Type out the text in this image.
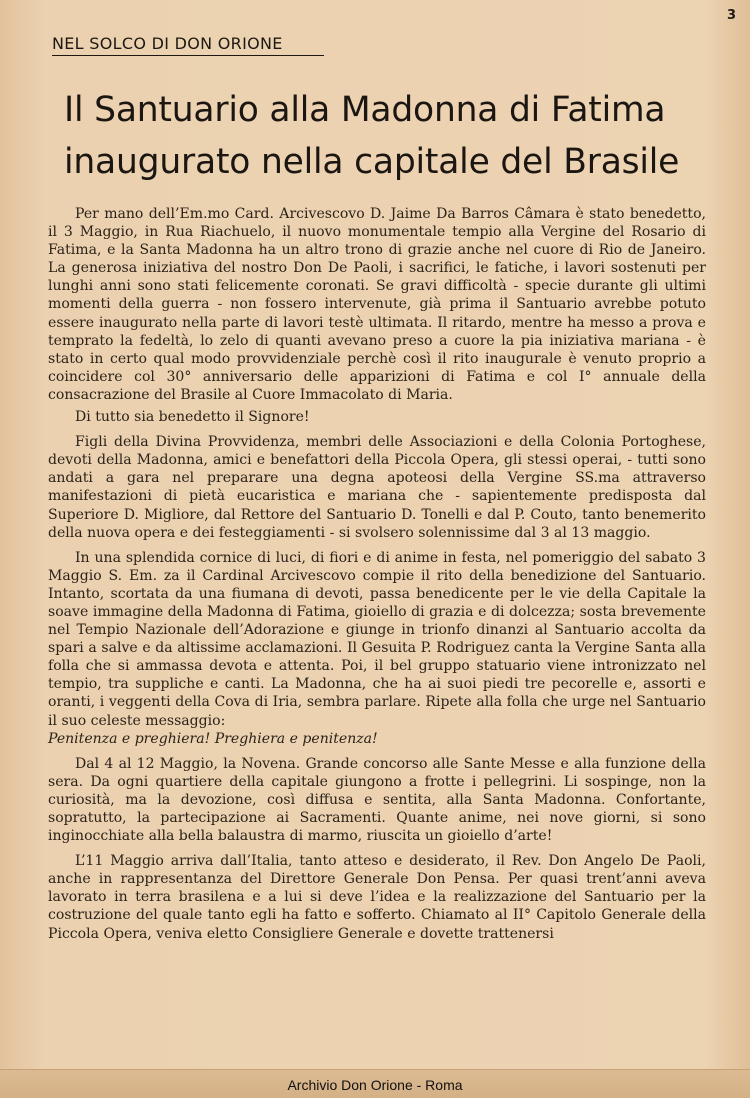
3
NEL SOLCO DI DON ORIONE
Il Santuario alla Madonna di Fatima
inaugurato nella capitale del Brasile

Per mano dell’Em.mo Card. Arcivescovo D. Jaime Da Barros Câmara è stato benedetto, il 3 Maggio, in Rua Riachuelo, il nuovo monumentale tempio alla Vergine del Rosario di Fatima, e la Santa Madonna ha un altro trono di grazie anche nel cuore di Rio de Janeiro. La generosa iniziativa del nostro Don De Paoli, i sacrifici, le fatiche, i lavori sostenuti per lunghi anni sono stati felicemente coronati. Se gravi difficoltà - specie durante gli ultimi momenti della guerra - non fossero intervenute, già prima il Santuario avrebbe potuto essere inaugurato nella parte di lavori testè ultimata. Il ritardo, mentre ha messo a prova e temprato la fedeltà, lo zelo di quanti avevano preso a cuore la pia iniziativa mariana - è stato in certo qual modo provvidenziale perchè così il rito inaugurale è venuto proprio a coincidere col 30° anniversario delle apparizioni di Fatima e col I° annuale della consacrazione del Brasile al Cuore Immacolato di Maria.

Di tutto sia benedetto il Signore!

Figli della Divina Provvidenza, membri delle Associazioni e della Colonia Portoghese, devoti della Madonna, amici e benefattori della Piccola Opera, gli stessi operai, - tutti sono andati a gara nel preparare una degna apoteosi della Vergine SS.ma attraverso manifestazioni di pietà eucaristica e mariana che - sapientemente predisposta dal Superiore D. Migliore, dal Rettore del Santuario D. Tonelli e dal P. Couto, tanto benemerito della nuova opera e dei festeggiamenti - si svolsero solennissime dal 3 al 13 maggio.

In una splendida cornice di luci, di fiori e di anime in festa, nel pomeriggio del sabato 3 Maggio S. Em. za il Cardinal Arcivescovo compie il rito della benedizione del Santuario. Intanto, scortata da una fiumana di devoti, passa benedicente per le vie della Capitale la soave immagine della Madonna di Fatima, gioiello di grazia e di dolcezza; sosta brevemente nel Tempio Nazionale dell’Adorazione e giunge in trionfo dinanzi al Santuario accolta da spari a salve e da altissime acclamazioni. Il Gesuita P. Rodriguez canta la Vergine Santa alla folla che si ammassa devota e attenta. Poi, il bel gruppo statuario viene intronizzato nel tempio, tra suppliche e canti. La Madonna, che ha ai suoi piedi tre pecorelle e, assorti e oranti, i veggenti della Cova di Iria, sembra parlare. Ripete alla folla che urge nel Santuario il suo celeste messaggio:
Penitenza e preghiera! Preghiera e penitenza!

Dal 4 al 12 Maggio, la Novena. Grande concorso alle Sante Messe e alla funzione della sera. Da ogni quartiere della capitale giungono a frotte i pellegrini. Li sospinge, non la curiosità, ma la devozione, così diffusa e sentita, alla Santa Madonna. Confortante, sopratutto, la partecipazione ai Sacramenti. Quante anime, nei nove giorni, si sono inginocchiate alla bella balaustra di marmo, riuscita un gioiello d’arte!

L’11 Maggio arriva dall’Italia, tanto atteso e desiderato, il Rev. Don Angelo De Paoli, anche in rappresentanza del Direttore Generale Don Pensa. Per quasi trent’anni aveva lavorato in terra brasilena e a lui si deve l’idea e la realizzazione del Santuario per la costruzione del quale tanto egli ha fatto e sofferto. Chiamato al II° Capitolo Generale della Piccola Opera, veniva eletto Consigliere Generale e dovette trattenersi

Archivio Don Orione - Roma
